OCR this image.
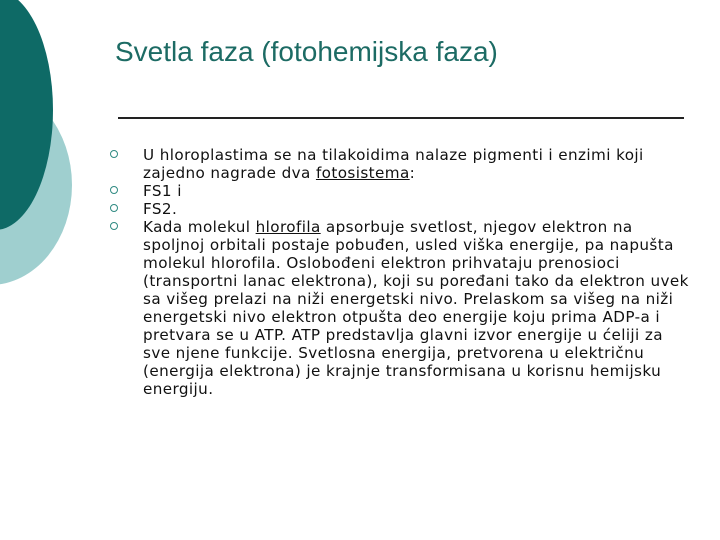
Svetla faza (fotohemijska faza)
U hloroplastima se na tilakoidima nalaze pigmenti i enzimi koji zajedno nagrade dva fotosistema:
FS1 i
FS2.
Kada molekul hlorofila apsorbuje svetlost, njegov elektron na spoljnoj orbitali postaje pobuđen, usled viška energije, pa napušta molekul hlorofila. Oslobođeni elektron prihvataju prenosioci (transportni lanac elektrona), koji su poređani tako da elektron uvek sa višeg prelazi na niži energetski nivo. Prelaskom sa višeg na niži energetski nivo elektron otpušta deo energije koju prima ADP-a i pretvara se u ATP. ATP predstavlja glavni izvor energije u ćeliji za sve njene funkcije. Svetlosna energija, pretvorena u električnu (energija elektrona) je krajnje transformisana u korisnu hemijsku energiju.
